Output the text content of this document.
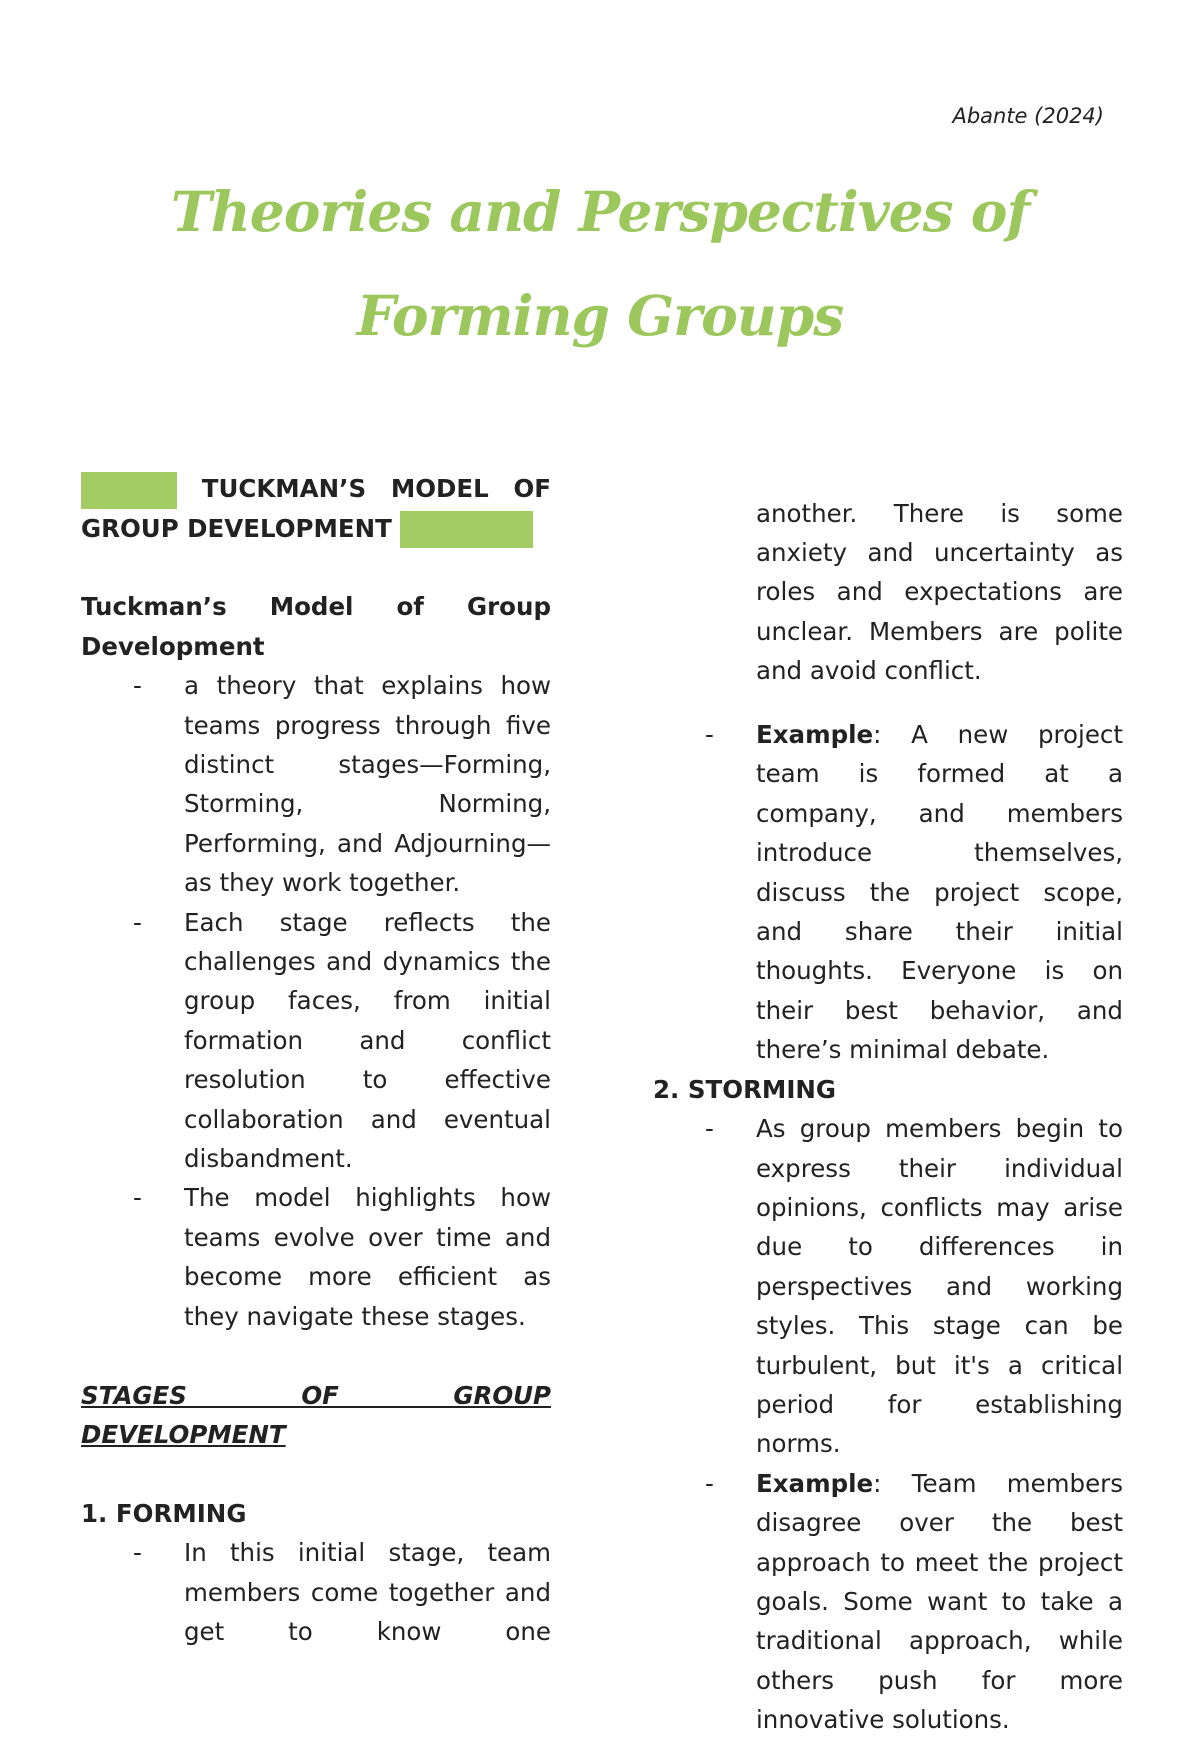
Abante (2024)
Theories and Perspectives of
Forming Groups

TUCKMAN’S MODEL OF GROUP DEVELOPMENT

Tuckman’s Model of Group Development

- a theory that explains how teams progress through five distinct stages—Forming, Storming, Norming, Performing, and Adjourning—as they work together.
- Each stage reflects the challenges and dynamics the group faces, from initial formation and conflict resolution to effective collaboration and eventual disbandment.
- The model highlights how teams evolve over time and become more efficient as they navigate these stages.

STAGES OF GROUP DEVELOPMENT

1. FORMING

- In this initial stage, team members come together and get to know one

another. There is some anxiety and uncertainty as roles and expectations are unclear. Members are polite and avoid conflict.

- Example: A new project team is formed at a company, and members introduce themselves, discuss the project scope, and share their initial thoughts. Everyone is on their best behavior, and there’s minimal debate.

2. STORMING

- As group members begin to express their individual opinions, conflicts may arise due to differences in perspectives and working styles. This stage can be turbulent, but it's a critical period for establishing norms.
- Example: Team members disagree over the best approach to meet the project goals. Some want to take a traditional approach, while others push for more innovative solutions.
